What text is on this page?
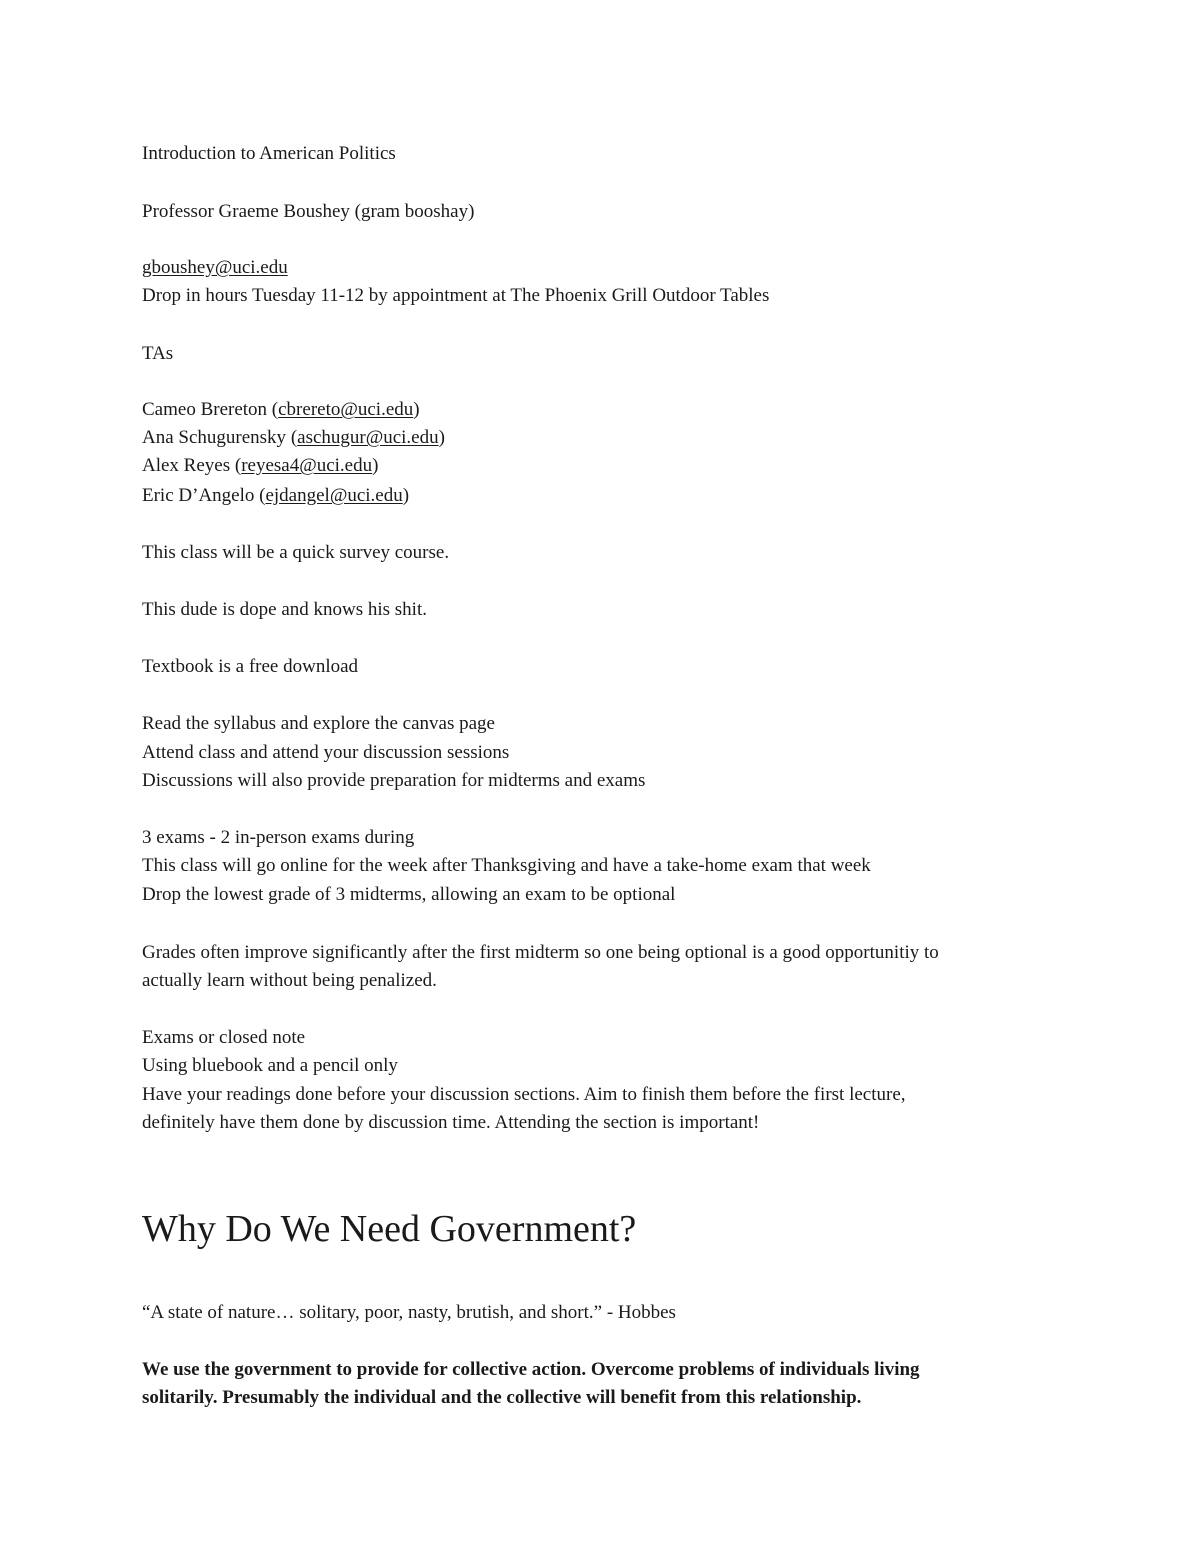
Introduction to American Politics
Professor Graeme Boushey (gram booshay)
gboushey@uci.edu
Drop in hours Tuesday 11-12 by appointment at The Phoenix Grill Outdoor Tables
TAs
Cameo Brereton (cbrereto@uci.edu)
Ana Schugurensky (aschugur@uci.edu)
Alex Reyes (reyesa4@uci.edu)
Eric D’Angelo (ejdangel@uci.edu)
This class will be a quick survey course.
This dude is dope and knows his shit.
Textbook is a free download
Read the syllabus and explore the canvas page
Attend class and attend your discussion sessions
Discussions will also provide preparation for midterms and exams
3 exams - 2 in-person exams during
This class will go online for the week after Thanksgiving and have a take-home exam that week
Drop the lowest grade of 3 midterms, allowing an exam to be optional
Grades often improve significantly after the first midterm so one being optional is a good opportunitiy to
actually learn without being penalized.
Exams or closed note
Using bluebook and a pencil only
Have your readings done before your discussion sections. Aim to finish them before the first lecture,
definitely have them done by discussion time. Attending the section is important!
Why Do We Need Government?
“A state of nature… solitary, poor, nasty, brutish, and short.” - Hobbes
We use the government to provide for collective action. Overcome problems of individuals living
solitarily. Presumably the individual and the collective will benefit from this relationship.
